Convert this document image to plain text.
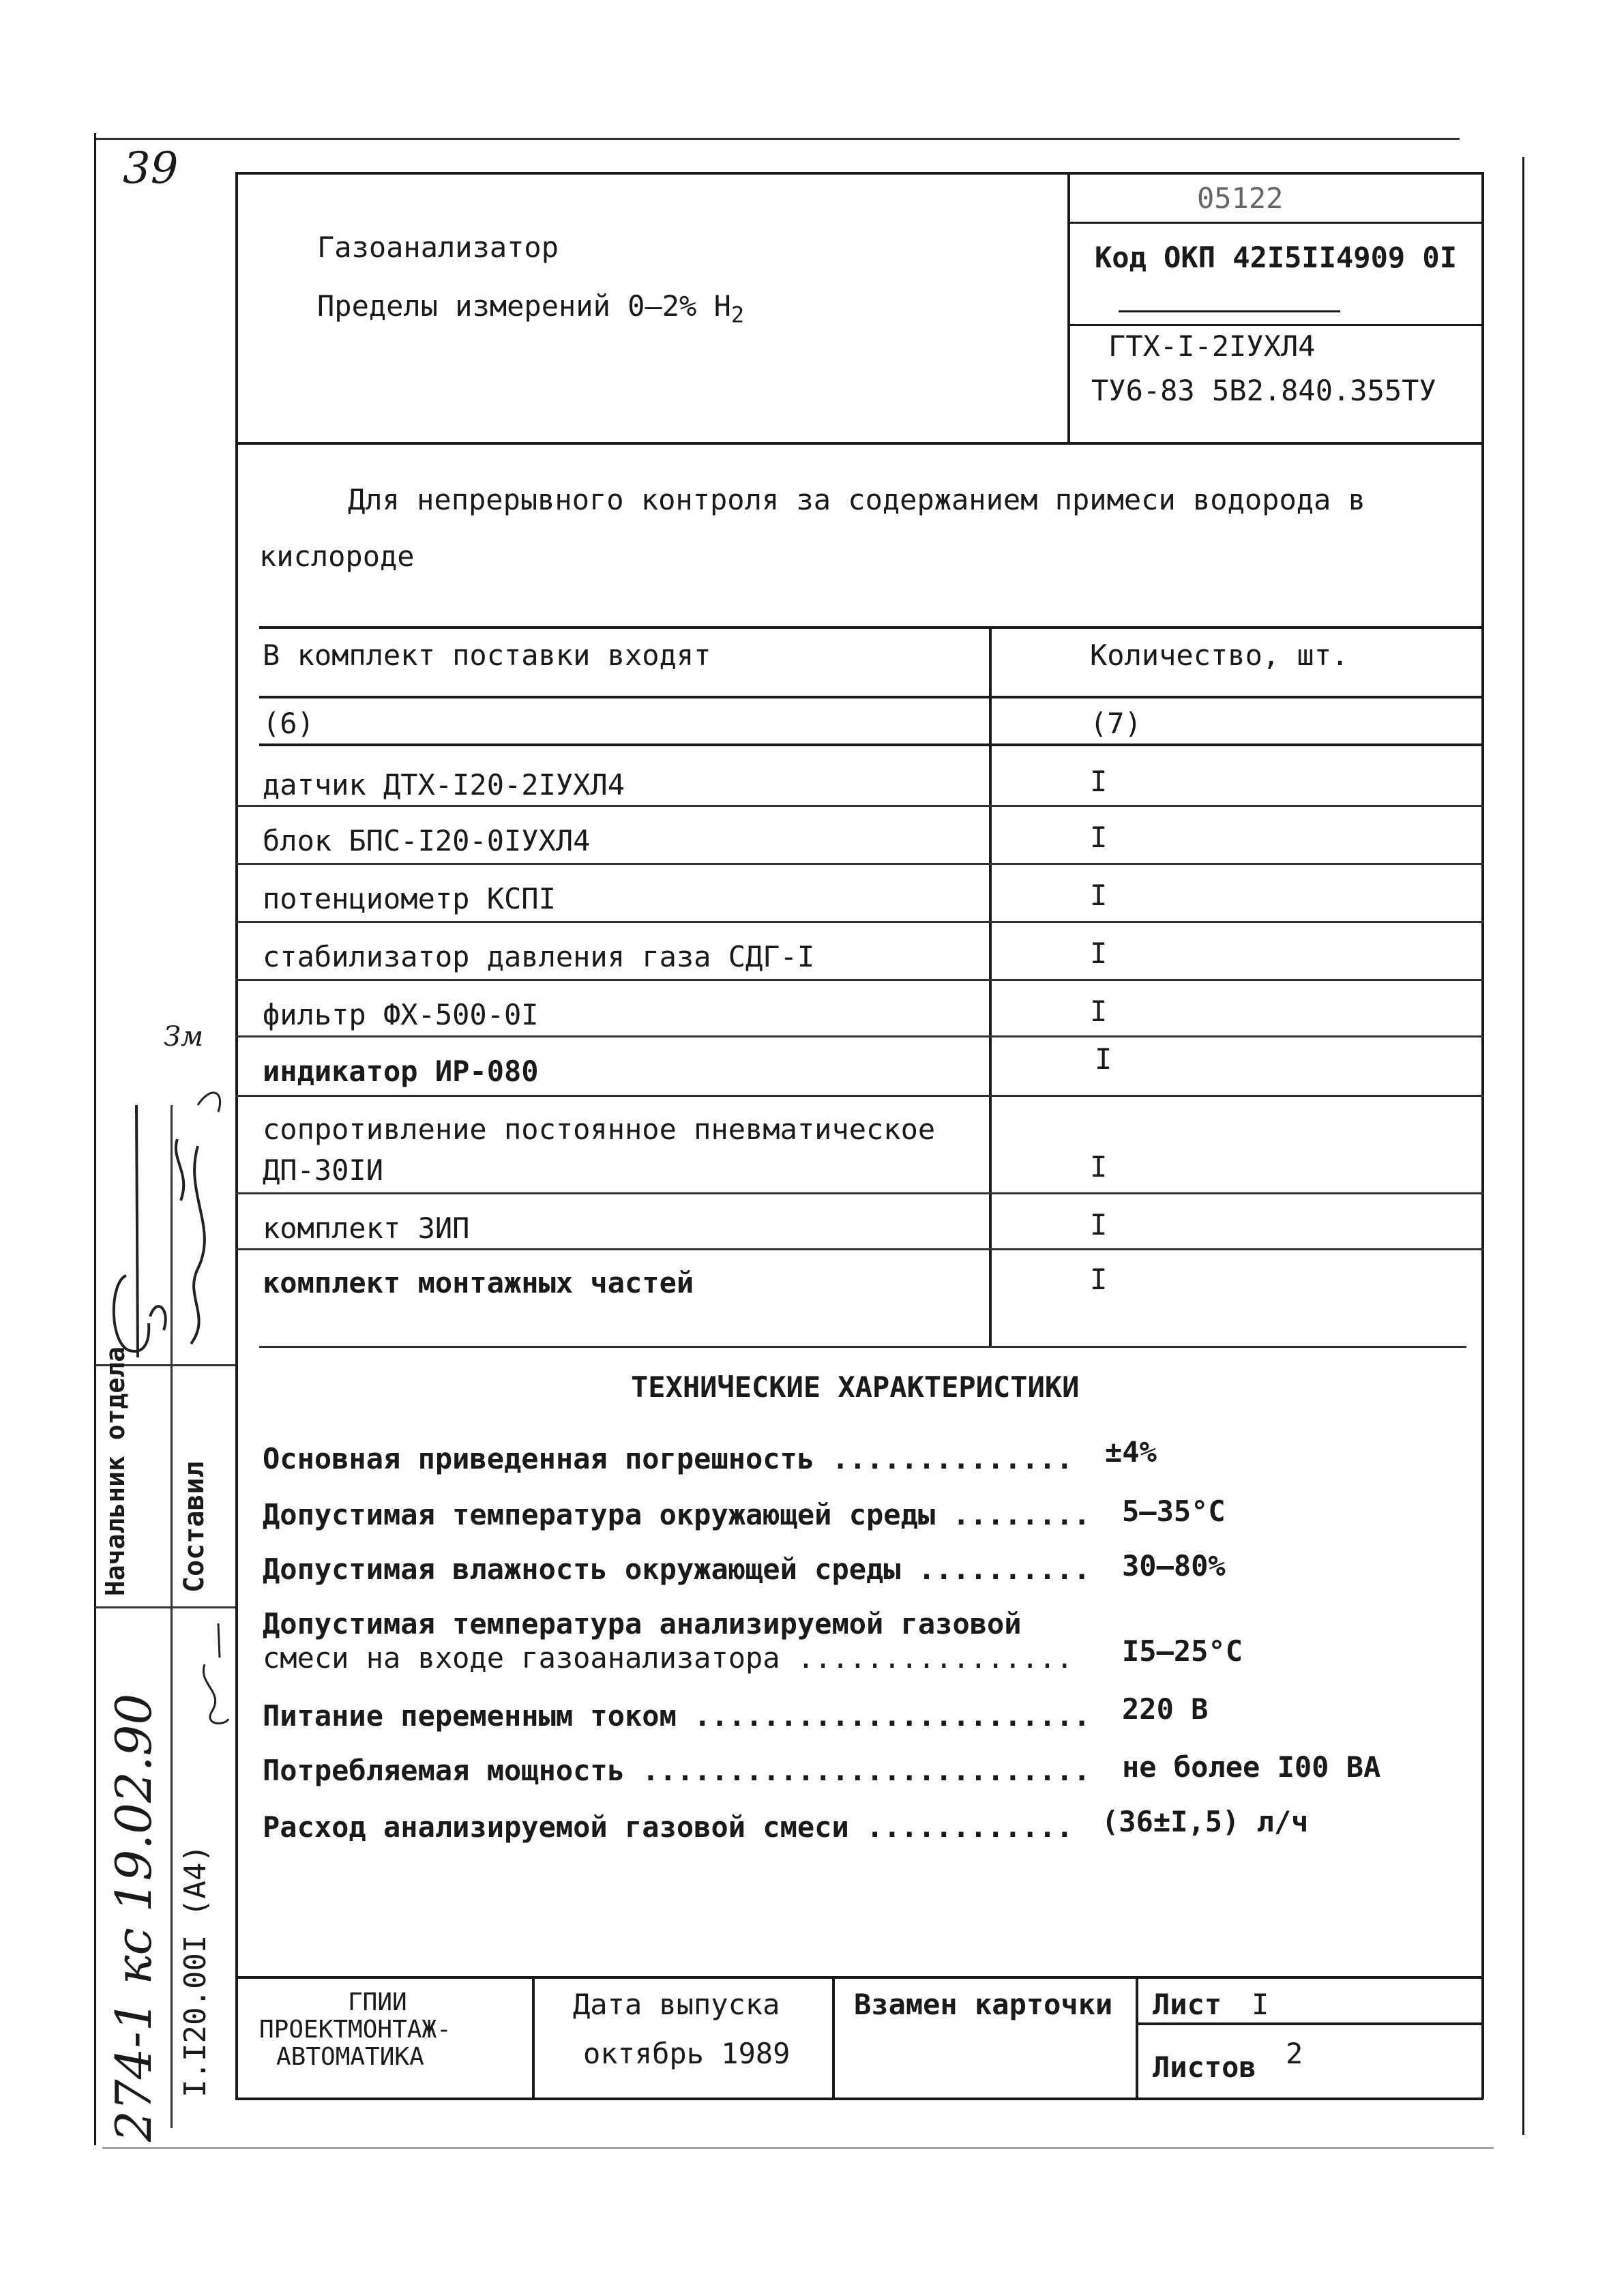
39
Газоанализатор
Пределы измерений 0–2% $H_2$
05122
Код ОКП 42I5II4909 0I
ГТХ-I-2IУХЛ4
ТУ6-83 5В2.840.355ТУ
Для непрерывного контроля за содержанием примеси водорода в
кислороде
В комплект поставки входят	Количество, шт.
(6)	(7)
датчик ДТХ-I20-2IУХЛ4	I
блок БПС-I20-0IУХЛ4	I
потенциометр КСПI	I
стабилизатор давления газа СДГ-I	I
фильтр ФХ-500-0I	I
индикатор ИР-080	I
сопротивление постоянное пневматическое
ДП-30IИ	I
комплект ЗИП	I
комплект монтажных частей	I
ТЕХНИЧЕСКИЕ ХАРАКТЕРИСТИКИ
Основная приведенная погрешность .............. ±4%
Допустимая температура окружающей среды ........ 5–35°C
Допустимая влажность окружающей среды .......... 30–80%
Допустимая температура анализируемой газовой
смеси на входе газоанализатора ................ I5–25°C
Питание переменным током ....................... 220 В
Потребляемая мощность .......................... не более I00 ВА
Расход анализируемой газовой смеси ............ (36±I,5) л/ч
ГПИИ
ПРОЕКТМОНТАЖ-
АВТОМАТИКА
Дата выпуска
октябрь 1989
Взамен карточки Лист I
Листов 2
Начальник отдела Составил
I.I20.00I (А4)
274-1 кс 19.02.90
Зм
